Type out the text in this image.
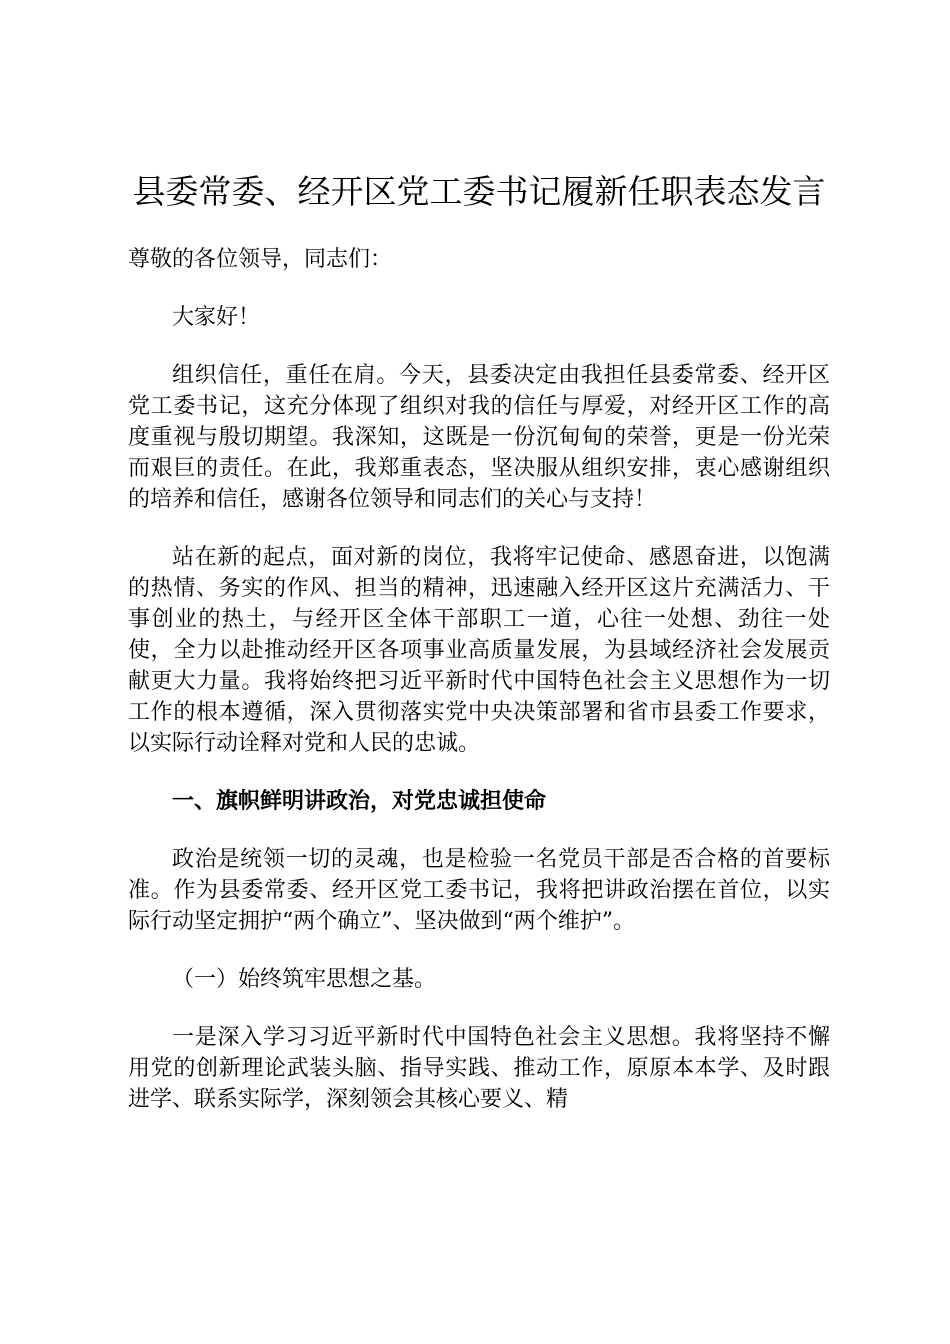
县委常委、经开区党工委书记履新任职表态发言

尊敬的各位领导，同志们：

大家好！

组织信任，重任在肩。今天，县委决定由我担任县委常委、经开区党工委书记，这充分体现了组织对我的信任与厚爱，对经开区工作的高度重视与殷切期望。我深知，这既是一份沉甸甸的荣誉，更是一份光荣而艰巨的责任。在此，我郑重表态，坚决服从组织安排，衷心感谢组织的培养和信任，感谢各位领导和同志们的关心与支持！

站在新的起点，面对新的岗位，我将牢记使命、感恩奋进，以饱满的热情、务实的作风、担当的精神，迅速融入经开区这片充满活力、干事创业的热土，与经开区全体干部职工一道，心往一处想、劲往一处使，全力以赴推动经开区各项事业高质量发展，为县域经济社会发展贡献更大力量。我将始终把习近平新时代中国特色社会主义思想作为一切工作的根本遵循，深入贯彻落实党中央决策部署和省市县委工作要求，以实际行动诠释对党和人民的忠诚。

一、旗帜鲜明讲政治，对党忠诚担使命

政治是统领一切的灵魂，也是检验一名党员干部是否合格的首要标准。作为县委常委、经开区党工委书记，我将把讲政治摆在首位，以实际行动坚定拥护“两个确立”、坚决做到“两个维护”。

（一）始终筑牢思想之基。

一是深入学习习近平新时代中国特色社会主义思想。我将坚持不懈用党的创新理论武装头脑、指导实践、推动工作，原原本本学、及时跟进学、联系实际学，深刻领会其核心要义、精
